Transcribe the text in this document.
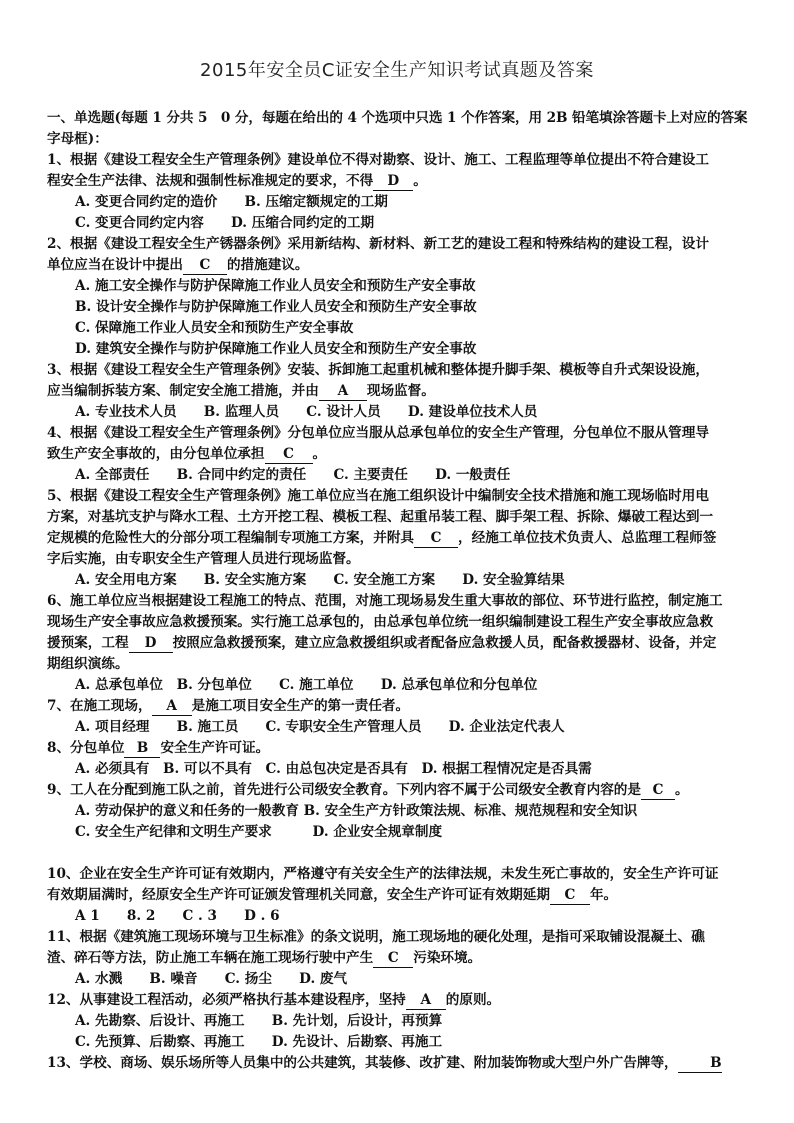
2015年安全员C证安全生产知识考试真题及答案
一、单选题(每题 1 分共 5　0 分，每题在给出的 4 个选项中只选 1 个作答案，用 2B 铅笔填涂答题卡上对应的答案
字母框)：
1、根据《建设工程安全生产管理条例》建设单位不得对勘察、设计、施工、工程监理等单位提出不符合建设工
程安全生产法律、法规和强制性标准规定的要求，不得 D 。
A. 变更合同约定的造价　　B. 压缩定额规定的工期
C. 变更合同约定内容　　D. 压缩合同约定的工期
2、根据《建设工程安全生产锈器条例》采用新结构、新材料、新工艺的建设工程和特殊结构的建设工程，设计
单位应当在设计中提出 C 的措施建议。
A. 施工安全操作与防护保障施工作业人员安全和预防生产安全事故
B. 设计安全操作与防护保障施工作业人员安全和预防生产安全事故
C. 保障施工作业人员安全和预防生产安全事故
D. 建筑安全操作与防护保障施工作业人员安全和预防生产安全事故
3、根据《建设工程安全生产管理条例》安装、拆卸施工起重机械和整体提升脚手架、模板等自升式架设设施，
应当编制拆装方案、制定安全施工措施，并由 A 现场监督。
A. 专业技术人员　　B. 监理人员　　C. 设计人员　　D. 建设单位技术人员
4、根据《建设工程安全生产管理条例》分包单位应当服从总承包单位的安全生产管理，分包单位不服从管理导
致生产安全事故的，由分包单位承担 C 。
A. 全部责任　　B. 合同中约定的责任　　C. 主要责任　　D. 一般责任
5、根据《建设工程安全生产管理条例》施工单位应当在施工组织设计中编制安全技术措施和施工现场临时用电
方案，对基坑支护与降水工程、土方开挖工程、模板工程、起重吊装工程、脚手架工程、拆除、爆破工程达到一
定规模的危险性大的分部分项工程编制专项施工方案，并附具 C ，经施工单位技术负责人、总监理工程师签
字后实施，由专职安全生产管理人员进行现场监督。
A. 安全用电方案　　B. 安全实施方案　　C. 安全施工方案　　D. 安全验算结果
6、施工单位应当根据建设工程施工的特点、范围，对施工现场易发生重大事故的部位、环节进行监控，制定施工
现场生产安全事故应急救援预案。实行施工总承包的，由总承包单位统一组织编制建设工程生产安全事故应急救
援预案，工程 D 按照应急救援预案，建立应急救援组织或者配备应急救援人员，配备救援器材、设备，并定
期组织演练。
A. 总承包单位　B. 分包单位　　C. 施工单位　　D. 总承包单位和分包单位
7、在施工现场， A 是施工项目安全生产的第一责任者。
A. 项目经理　　B. 施工员　　C. 专职安全生产管理人员　　D. 企业法定代表人
8、分包单位 B 安全生产许可证。
A. 必须具有　B. 可以不具有　C. 由总包决定是否具有　D. 根据工程情况定是否具需
9、工人在分配到施工队之前，首先进行公司级安全教育。下列内容不属于公司级安全教育内容的是 C 。
A. 劳动保护的意义和任务的一般教育 B. 安全生产方针政策法规、标准、规范规程和安全知识
C. 安全生产纪律和文明生产要求　　　D. 企业安全规章制度
10、企业在安全生产许可证有效期内，严格遵守有关安全生产的法律法规，未发生死亡事故的，安全生产许可证
有效期届满时，经原安全生产许可证颁发管理机关同意，安全生产许可证有效期延期 C 年。
A 1　　8. 2　　C . 3　　D . 6
11、根据《建筑施工现场环境与卫生标准》的条文说明，施工现场地的硬化处理，是指可采取铺设混凝土、礁
渣、碎石等方法，防止施工车辆在施工现场行驶中产生 C 污染环境。
A. 水溅　　B. 噪音　　C. 扬尘　　D. 废气
12、从事建设工程活动，必须严格执行基本建设程序，坚持 A 的原则。
A. 先勘察、后设计、再施工　　B. 先计划，后设计，再预算
C. 先预算、后勘察、再施工　　D. 先设计、后勘察、再施工
13、学校、商场、娱乐场所等人员集中的公共建筑，其装修、改扩建、附加装饰物或大型户外广告牌等， B
